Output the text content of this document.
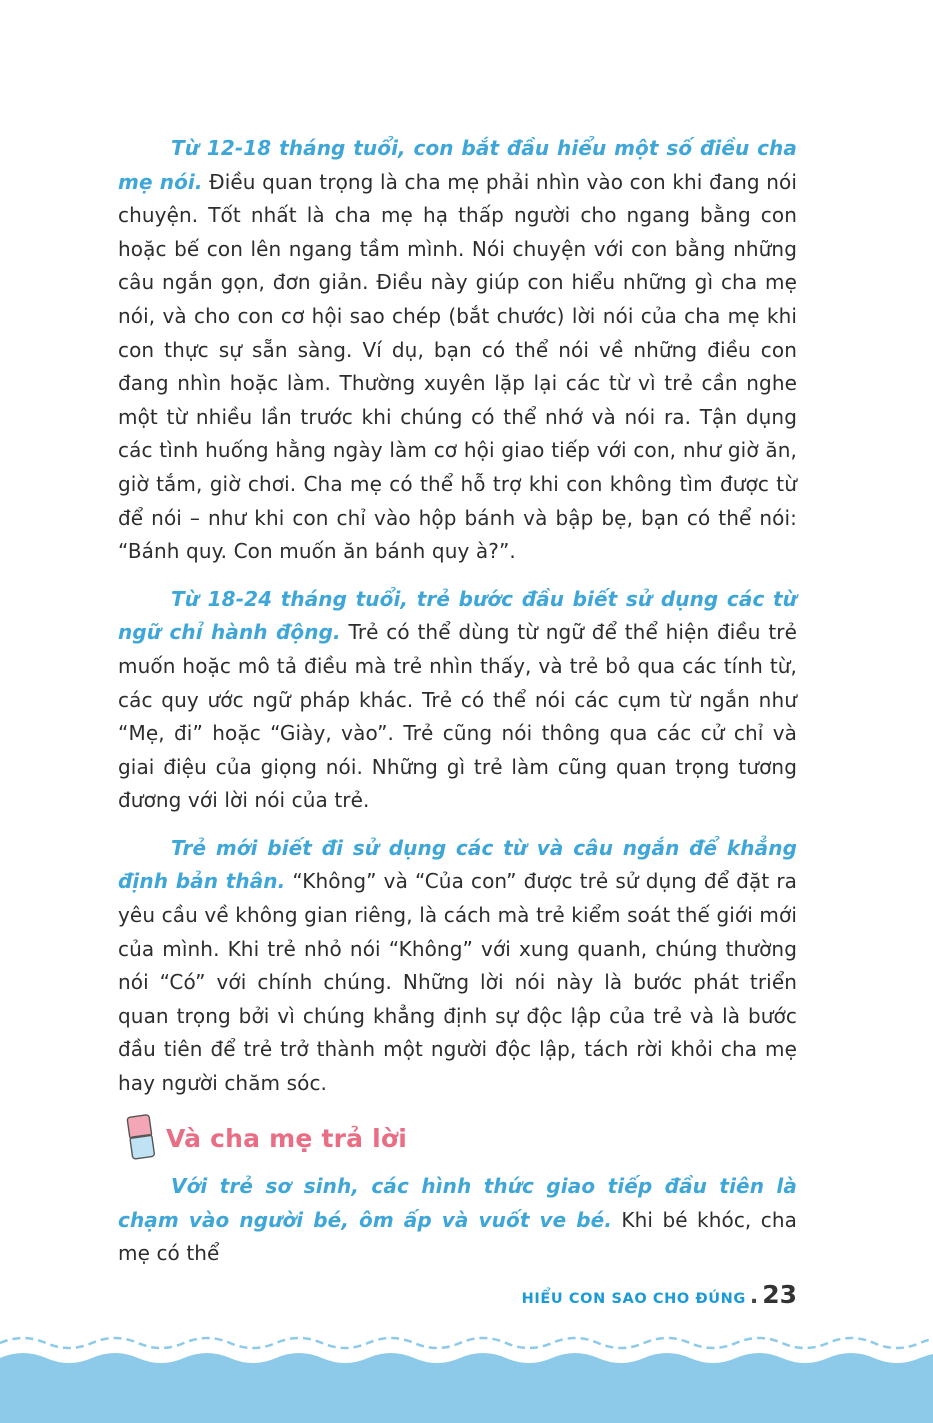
Từ 12-18 tháng tuổi, con bắt đầu hiểu một số điều cha mẹ nói. Điều quan trọng là cha mẹ phải nhìn vào con khi đang nói chuyện. Tốt nhất là cha mẹ hạ thấp người cho ngang bằng con hoặc bế con lên ngang tầm mình. Nói chuyện với con bằng những câu ngắn gọn, đơn giản. Điều này giúp con hiểu những gì cha mẹ nói, và cho con cơ hội sao chép (bắt chước) lời nói của cha mẹ khi con thực sự sẵn sàng. Ví dụ, bạn có thể nói về những điều con đang nhìn hoặc làm. Thường xuyên lặp lại các từ vì trẻ cần nghe một từ nhiều lần trước khi chúng có thể nhớ và nói ra. Tận dụng các tình huống hằng ngày làm cơ hội giao tiếp với con, như giờ ăn, giờ tắm, giờ chơi. Cha mẹ có thể hỗ trợ khi con không tìm được từ để nói – như khi con chỉ vào hộp bánh và bập bẹ, bạn có thể nói: “Bánh quy. Con muốn ăn bánh quy à?”.

Từ 18-24 tháng tuổi, trẻ bước đầu biết sử dụng các từ ngữ chỉ hành động. Trẻ có thể dùng từ ngữ để thể hiện điều trẻ muốn hoặc mô tả điều mà trẻ nhìn thấy, và trẻ bỏ qua các tính từ, các quy ước ngữ pháp khác. Trẻ có thể nói các cụm từ ngắn như “Mẹ, đi” hoặc “Giày, vào”. Trẻ cũng nói thông qua các cử chỉ và giai điệu của giọng nói. Những gì trẻ làm cũng quan trọng tương đương với lời nói của trẻ.

Trẻ mới biết đi sử dụng các từ và câu ngắn để khẳng định bản thân. “Không” và “Của con” được trẻ sử dụng để đặt ra yêu cầu về không gian riêng, là cách mà trẻ kiểm soát thế giới mới của mình. Khi trẻ nhỏ nói “Không” với xung quanh, chúng thường nói “Có” với chính chúng. Những lời nói này là bước phát triển quan trọng bởi vì chúng khẳng định sự độc lập của trẻ và là bước đầu tiên để trẻ trở thành một người độc lập, tách rời khỏi cha mẹ hay người chăm sóc.

Và cha mẹ trả lời

Với trẻ sơ sinh, các hình thức giao tiếp đầu tiên là chạm vào người bé, ôm ấp và vuốt ve bé. Khi bé khóc, cha mẹ có thể

HIỂU CON SAO CHO ĐÚNG . 23
